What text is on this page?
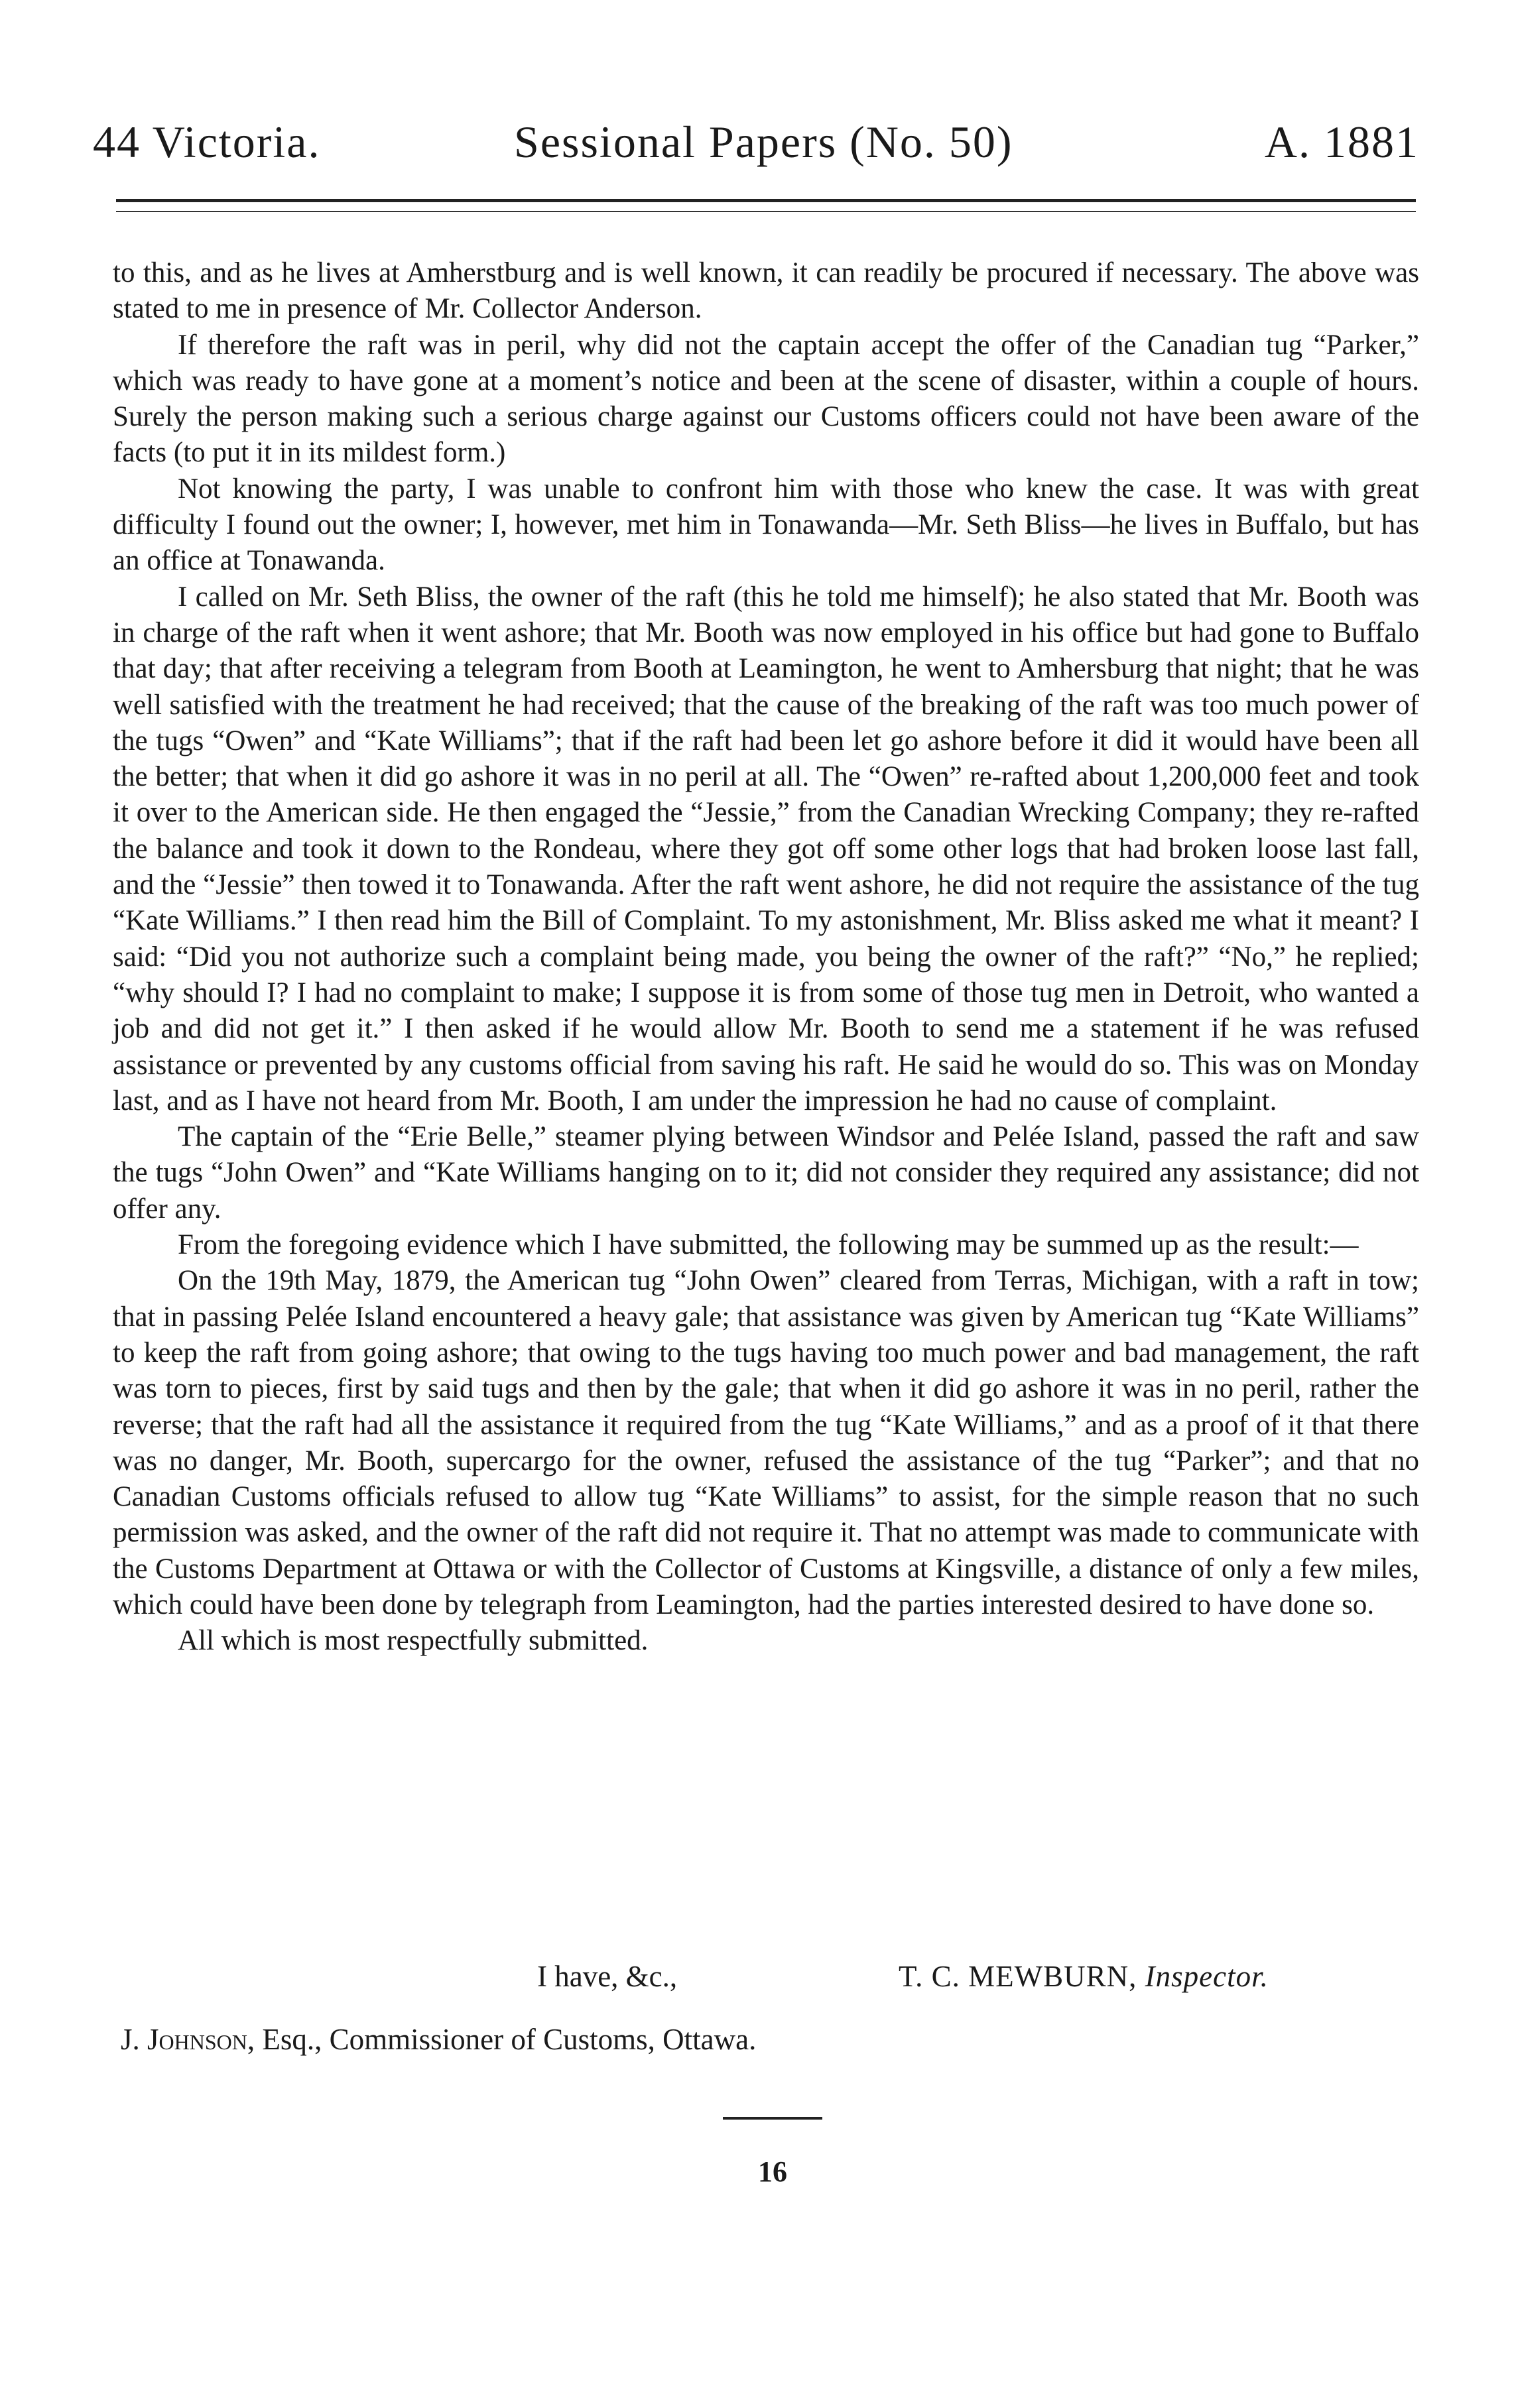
44 Victoria.	Sessional Papers (No. 50)	A. 1881

to this, and as he lives at Amherstburg and is well known, it can readily be procured if necessary. The above was stated to me in presence of Mr. Collector Anderson.

If therefore the raft was in peril, why did not the captain accept the offer of the Canadian tug “Parker,” which was ready to have gone at a moment’s notice and been at the scene of disaster, within a couple of hours. Surely the person making such a serious charge against our Customs officers could not have been aware of the facts (to put it in its mildest form.)

Not knowing the party, I was unable to confront him with those who knew the case. It was with great difficulty I found out the owner; I, however, met him in Tonawanda—Mr. Seth Bliss—he lives in Buffalo, but has an office at Tonawanda.

I called on Mr. Seth Bliss, the owner of the raft (this he told me himself); he also stated that Mr. Booth was in charge of the raft when it went ashore; that Mr. Booth was now employed in his office but had gone to Buffalo that day; that after receiving a telegram from Booth at Leamington, he went to Amhersburg that night; that he was well satisfied with the treatment he had received; that the cause of the breaking of the raft was too much power of the tugs “Owen” and “Kate Williams”; that if the raft had been let go ashore before it did it would have been all the better; that when it did go ashore it was in no peril at all. The “Owen” re-rafted about 1,200,000 feet and took it over to the American side. He then engaged the “Jessie,” from the Canadian Wrecking Company; they re-rafted the balance and took it down to the Rondeau, where they got off some other logs that had broken loose last fall, and the “Jessie” then towed it to Tonawanda. After the raft went ashore, he did not require the assistance of the tug “Kate Williams.” I then read him the Bill of Complaint. To my astonishment, Mr. Bliss asked me what it meant? I said: “Did you not authorize such a complaint being made, you being the owner of the raft?” “No,” he replied; “why should I? I had no complaint to make; I suppose it is from some of those tug men in Detroit, who wanted a job and did not get it.” I then asked if he would allow Mr. Booth to send me a statement if he was refused assistance or prevented by any customs official from saving his raft. He said he would do so. This was on Monday last, and as I have not heard from Mr. Booth, I am under the impression he had no cause of complaint.

The captain of the “Erie Belle,” steamer plying between Windsor and Pelée Island, passed the raft and saw the tugs “John Owen” and “Kate Williams hanging on to it; did not consider they required any assistance; did not offer any.

From the foregoing evidence which I have submitted, the following may be summed up as the result:—

On the 19th May, 1879, the American tug “John Owen” cleared from Terras, Michigan, with a raft in tow; that in passing Pelée Island encountered a heavy gale; that assistance was given by American tug “Kate Williams” to keep the raft from going ashore; that owing to the tugs having too much power and bad management, the raft was torn to pieces, first by said tugs and then by the gale; that when it did go ashore it was in no peril, rather the reverse; that the raft had all the assistance it required from the tug “Kate Williams,” and as a proof of it that there was no danger, Mr. Booth, supercargo for the owner, refused the assistance of the tug “Parker”; and that no Canadian Customs officials refused to allow tug “Kate Williams” to assist, for the simple reason that no such permission was asked, and the owner of the raft did not require it. That no attempt was made to communicate with the Customs Department at Ottawa or with the Collector of Customs at Kingsville, a distance of only a few miles, which could have been done by telegraph from Leamington, had the parties interested desired to have done so.

All which is most respectfully submitted.

I have, &c.,	T. C. MEWBURN, Inspector.
J. Johnson, Esq., Commissioner of Customs, Ottawa.
16
